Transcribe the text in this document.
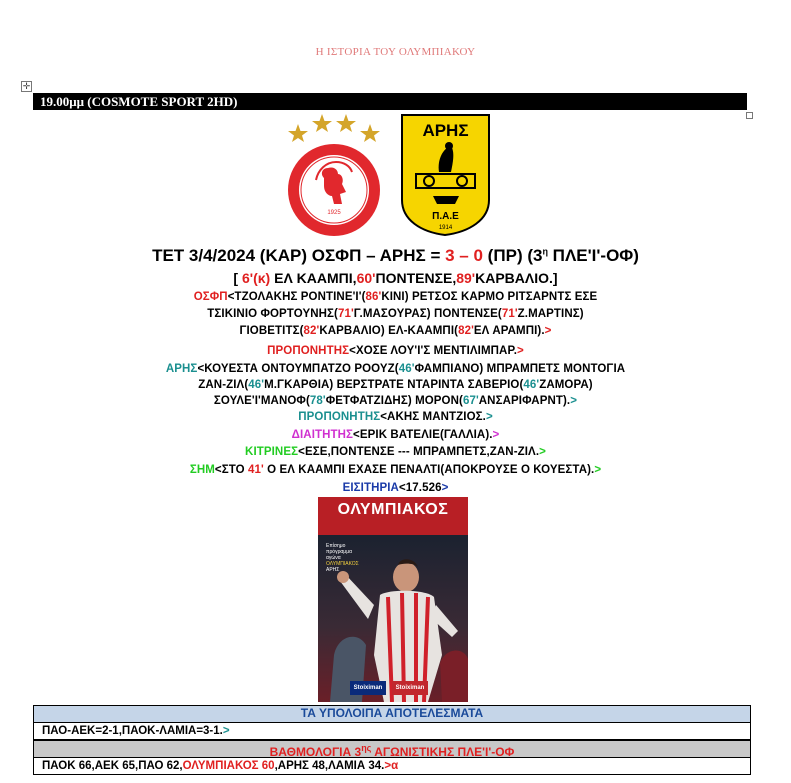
Η ΙΣΤΟΡΙΑ ΤΟΥ ΟΛΥΜΠΙΑΚΟΥ
✛
19.00μμ (COSMOTE SPORT 2HD)
1925
ΑΡΗΣ
Π.Α.Ε
1914
ΤΕΤ 3/4/2024 (ΚΑΡ) ΟΣΦΠ – ΑΡΗΣ = 3 – 0 (ΠΡ) ($3^\eta$ ΠΛΕ'Ι'-ΟΦ)
[ 6'(κ) ΕΛ ΚΑΑΜΠΙ,60'ΠΟΝΤΕΝΣΕ,89'ΚΑΡΒΑΛΙΟ.]
ΟΣΦΠ<ΤΖΟΛΑΚΗΣ ΡΟΝΤΙΝΕ'Ι'(86'ΚΙΝΙ) ΡΕΤΣΟΣ ΚΑΡΜΟ ΡΙΤΣΑΡΝΤΣ ΕΣΕ
ΤΣΙΚΙΝΙΟ ΦΟΡΤΟΥΝΗΣ(71'Γ.ΜΑΣΟΥΡΑΣ) ΠΟΝΤΕΝΣΕ(71'Ζ.ΜΑΡΤΙΝΣ)
ΓΙΟΒΕΤΙΤΣ(82'ΚΑΡΒΑΛΙΟ) ΕΛ-ΚΑΑΜΠΙ(82'ΕΛ ΑΡΑΜΠΙ).>
ΠΡΟΠΟΝΗΤΗΣ<ΧΟΣΕ ΛΟΥ'Ι'Σ ΜΕΝΤΙΛΙΜΠΑΡ.>
ΑΡΗΣ<ΚΟΥΕΣΤΑ ΟΝΤΟΥΜΠΑΤΖΟ ΡΟΟΥΖ(46'ΦΑΜΠΙΑΝΟ) ΜΠΡΑΜΠΕΤΣ ΜΟΝΤΟΓΙΑ
ΖΑΝ-ΖΙΛ(46'Μ.ΓΚΑΡΘΙΑ) ΒΕΡΣΤΡΑΤΕ ΝΤΑΡΙΝΤΑ ΣΑΒΕΡΙΟ(46'ΖΑΜΟΡΑ)
ΣΟΥΛΕ'Ι'ΜΑΝΟΦ(78'ΦΕΤΦΑΤΖΙΔΗΣ) ΜΟΡΟΝ(67'ΑΝΣΑΡΙΦΑΡΝΤ).>
ΠΡΟΠΟΝΗΤΗΣ<ΑΚΗΣ ΜΑΝΤΖΙΟΣ.>
ΔΙΑΙΤΗΤΗΣ<ΕΡΙΚ ΒΑΤΕΛΙΕ(ΓΑΛΛΙΑ).>
ΚΙΤΡΙΝΕΣ<ΕΣΕ,ΠΟΝΤΕΝΣΕ --- ΜΠΡΑΜΠΕΤΣ,ΖΑΝ-ΖΙΛ.>
ΣΗΜ<ΣΤΟ 41' Ο ΕΛ ΚΑΑΜΠΙ ΕΧΑΣΕ ΠΕΝΑΛΤΙ(ΑΠΟΚΡΟΥΣΕ Ο ΚΟΥΕΣΤΑ).>
ΕΙΣΙΤΗΡΙΑ<17.526>
ΟΛΥΜΠΙΑΚΟΣ
Επίσημο
πρόγραμμα
αγώνα
ΟΛΥΜΠΙΑΚΟΣ
ΑΡΗΣ
Stoiximan	Stoiximan
ΤΑ ΥΠΟΛΟΙΠΑ ΑΠΟΤΕΛΕΣΜΑΤΑ
ΠΑΟ-ΑΕΚ=2-1,ΠΑΟΚ-ΛΑΜΙΑ=3-1.>
ΒΑΘΜΟΛΟΓΙΑ $3^{\eta\varsigma}$ ΑΓΩΝΙΣΤΙΚΗΣ ΠΛΕ'Ι'-ΟΦ
ΠΑΟΚ 66,ΑΕΚ 65,ΠΑΟ 62,ΟΛΥΜΠΙΑΚΟΣ 60,ΑΡΗΣ 48,ΛΑΜΙΑ 34.>α
